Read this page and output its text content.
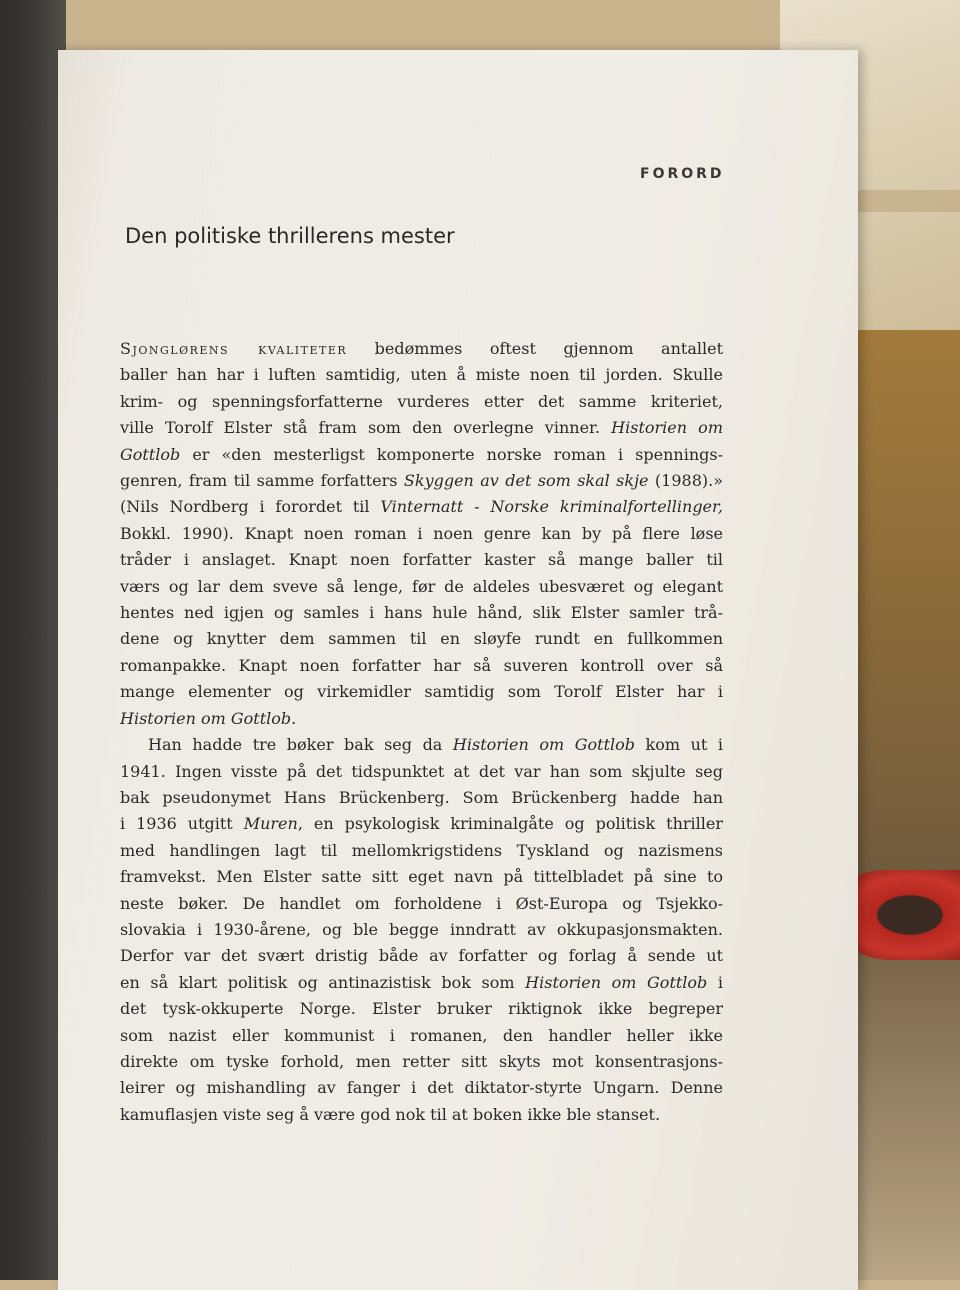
FORORD
Den politiske thrillerens mester
Sjonglørens kvaliteter bedømmes oftest gjennom antallet
baller han har i luften samtidig, uten å miste noen til jorden. Skulle
krim- og spenningsforfatterne vurderes etter det samme kriteriet,
ville Torolf Elster stå fram som den overlegne vinner. Historien om
Gottlob er «den mesterligst komponerte norske roman i spennings-
genren, fram til samme forfatters Skyggen av det som skal skje (1988).»
(Nils Nordberg i forordet til Vinternatt - Norske kriminalfortellinger,
Bokkl. 1990). Knapt noen roman i noen genre kan by på flere løse
tråder i anslaget. Knapt noen forfatter kaster så mange baller til
værs og lar dem sveve så lenge, før de aldeles ubesværet og elegant
hentes ned igjen og samles i hans hule hånd, slik Elster samler trå-
dene og knytter dem sammen til en sløyfe rundt en fullkommen
romanpakke. Knapt noen forfatter har så suveren kontroll over så
mange elementer og virkemidler samtidig som Torolf Elster har i
Historien om Gottlob.
Han hadde tre bøker bak seg da Historien om Gottlob kom ut i
1941. Ingen visste på det tidspunktet at det var han som skjulte seg
bak pseudonymet Hans Brückenberg. Som Brückenberg hadde han
i 1936 utgitt Muren, en psykologisk kriminalgåte og politisk thriller
med handlingen lagt til mellomkrigstidens Tyskland og nazismens
framvekst. Men Elster satte sitt eget navn på tittelbladet på sine to
neste bøker. De handlet om forholdene i Øst-Europa og Tsjekko-
slovakia i 1930-årene, og ble begge inndratt av okkupasjonsmakten.
Derfor var det svært dristig både av forfatter og forlag å sende ut
en så klart politisk og antinazistisk bok som Historien om Gottlob i
det tysk-okkuperte Norge. Elster bruker riktignok ikke begreper
som nazist eller kommunist i romanen, den handler heller ikke
direkte om tyske forhold, men retter sitt skyts mot konsentrasjons-
leirer og mishandling av fanger i det diktator-styrte Ungarn. Denne
kamuflasjen viste seg å være god nok til at boken ikke ble stanset.
